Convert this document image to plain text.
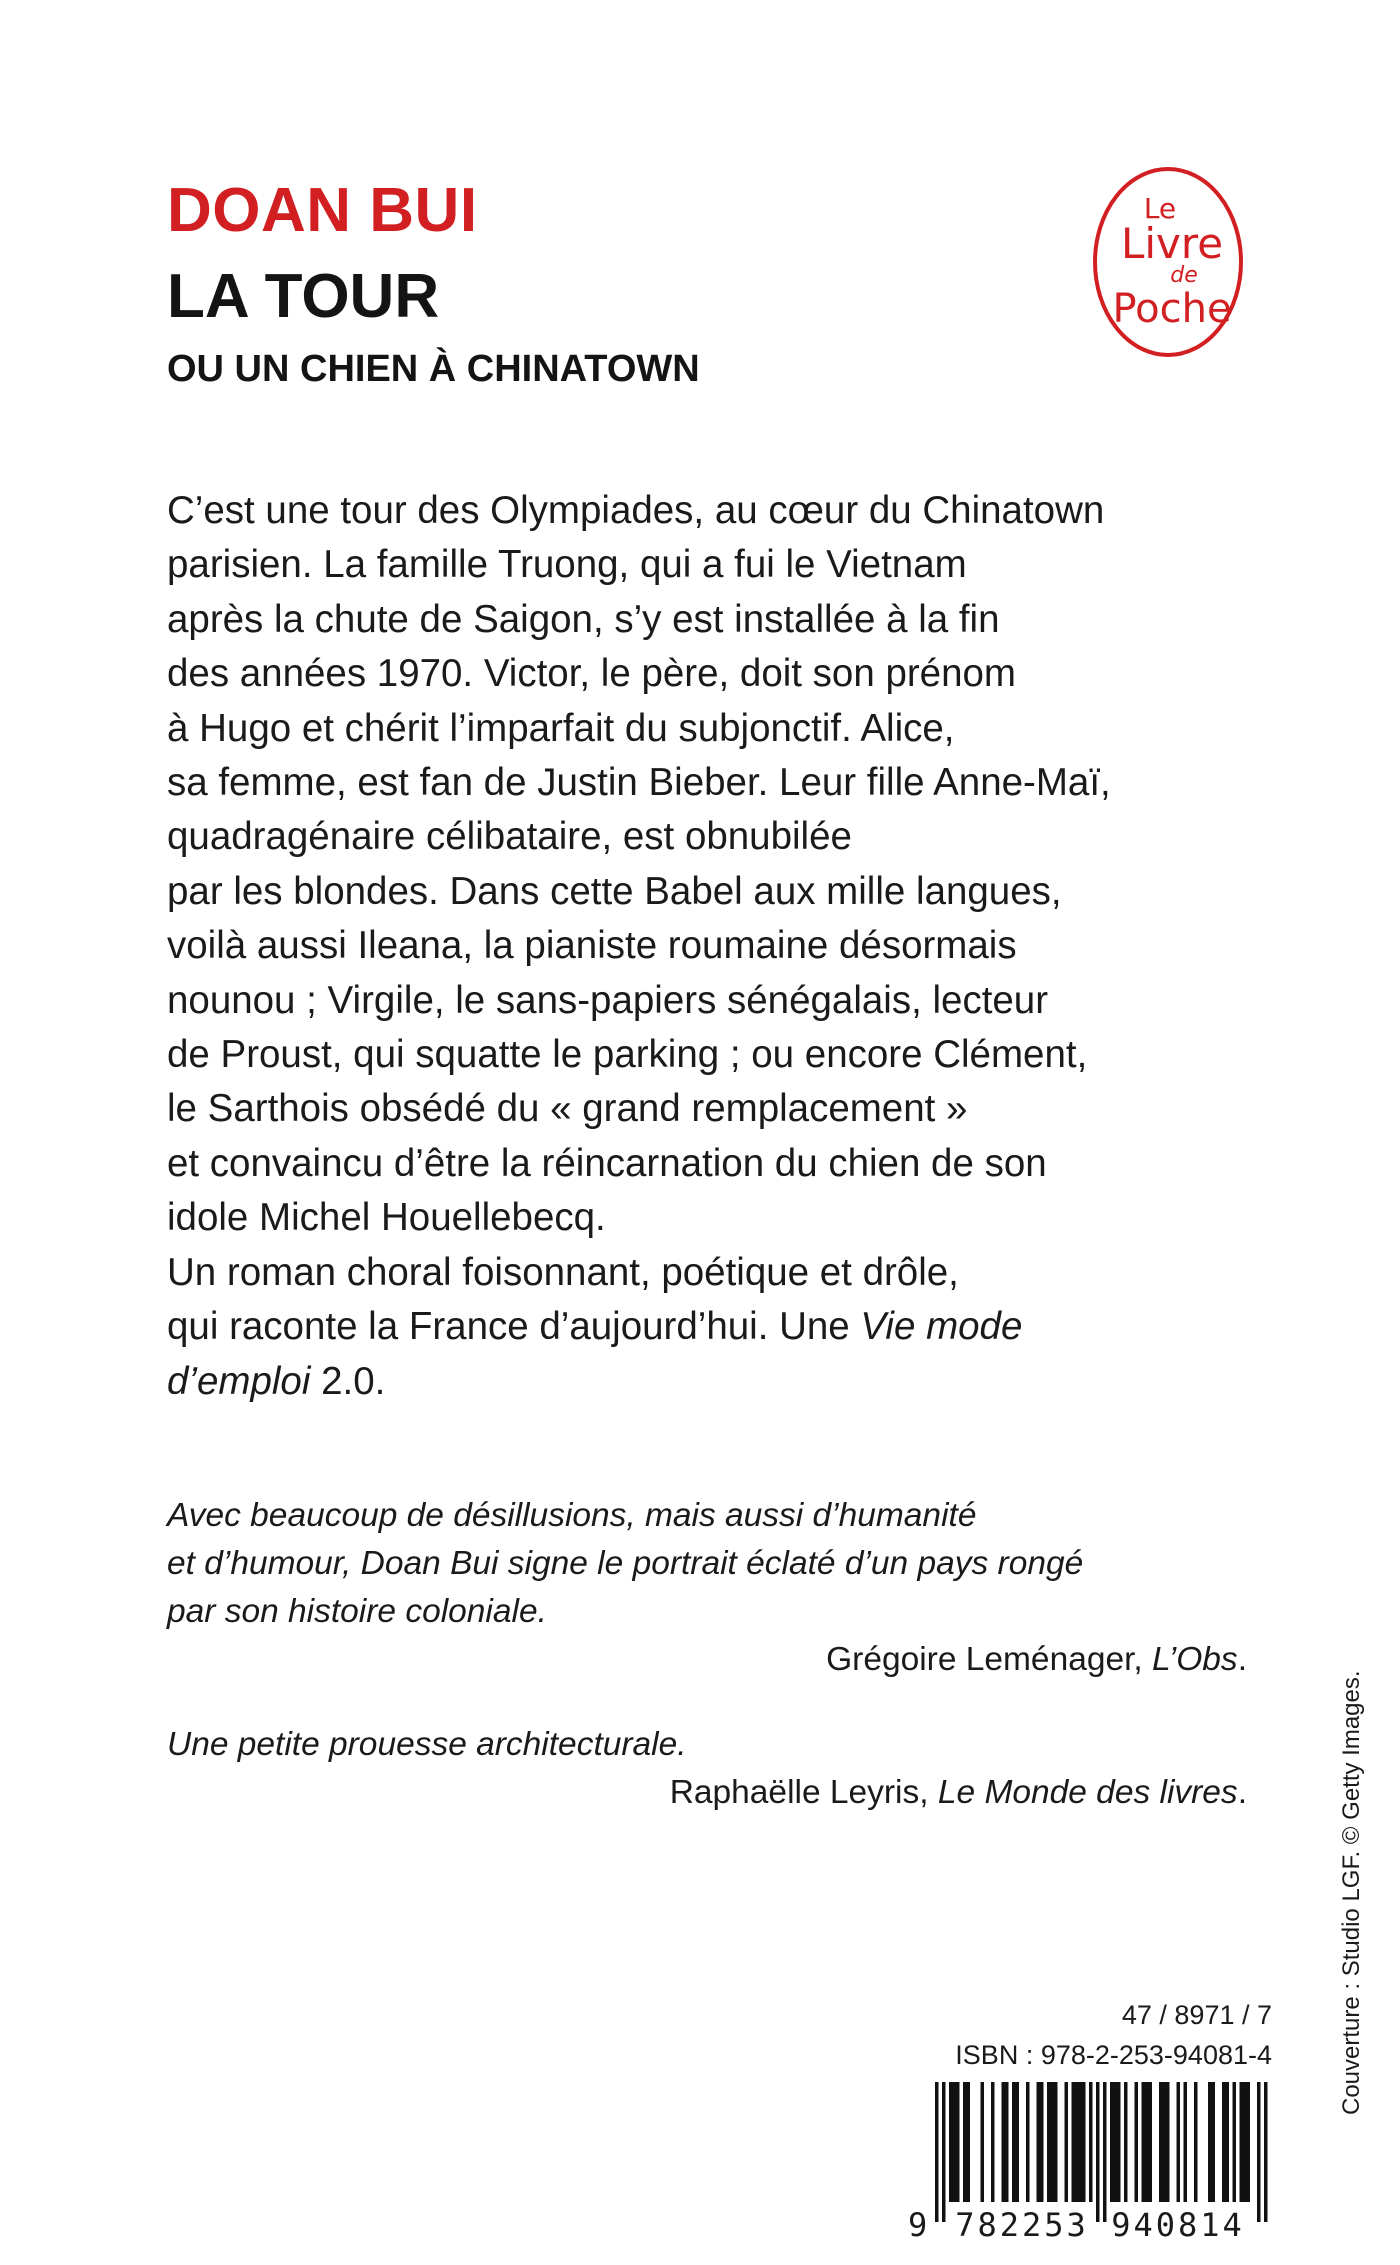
DOAN BUI
LA TOUR
OU UN CHIEN À CHINATOWN
Le
Livre
de
Poche
C’est une tour des Olympiades, au cœur du Chinatown
parisien. La famille Truong, qui a fui le Vietnam
après la chute de Saigon, s’y est installée à la fin
des années 1970. Victor, le père, doit son prénom
à Hugo et chérit l’imparfait du subjonctif. Alice,
sa femme, est fan de Justin Bieber. Leur fille Anne-Maï,
quadragénaire célibataire, est obnubilée
par les blondes. Dans cette Babel aux mille langues,
voilà aussi Ileana, la pianiste roumaine désormais
nounou ; Virgile, le sans-papiers sénégalais, lecteur
de Proust, qui squatte le parking ; ou encore Clément,
le Sarthois obsédé du « grand remplacement »
et convaincu d’être la réincarnation du chien de son
idole Michel Houellebecq.
Un roman choral foisonnant, poétique et drôle,
qui raconte la France d’aujourd’hui. Une Vie mode
d’emploi 2.0.
Avec beaucoup de désillusions, mais aussi d’humanité
et d’humour, Doan Bui signe le portrait éclaté d’un pays rongé
par son histoire coloniale.
Grégoire Leménager, L’Obs.
Une petite prouesse architecturale.
Raphaëlle Leyris, Le Monde des livres.	Couverture : Studio LGF. © Getty Images.
47 / 8971 / 7
ISBN : 978-2-253-94081-4
9 782253 940814
